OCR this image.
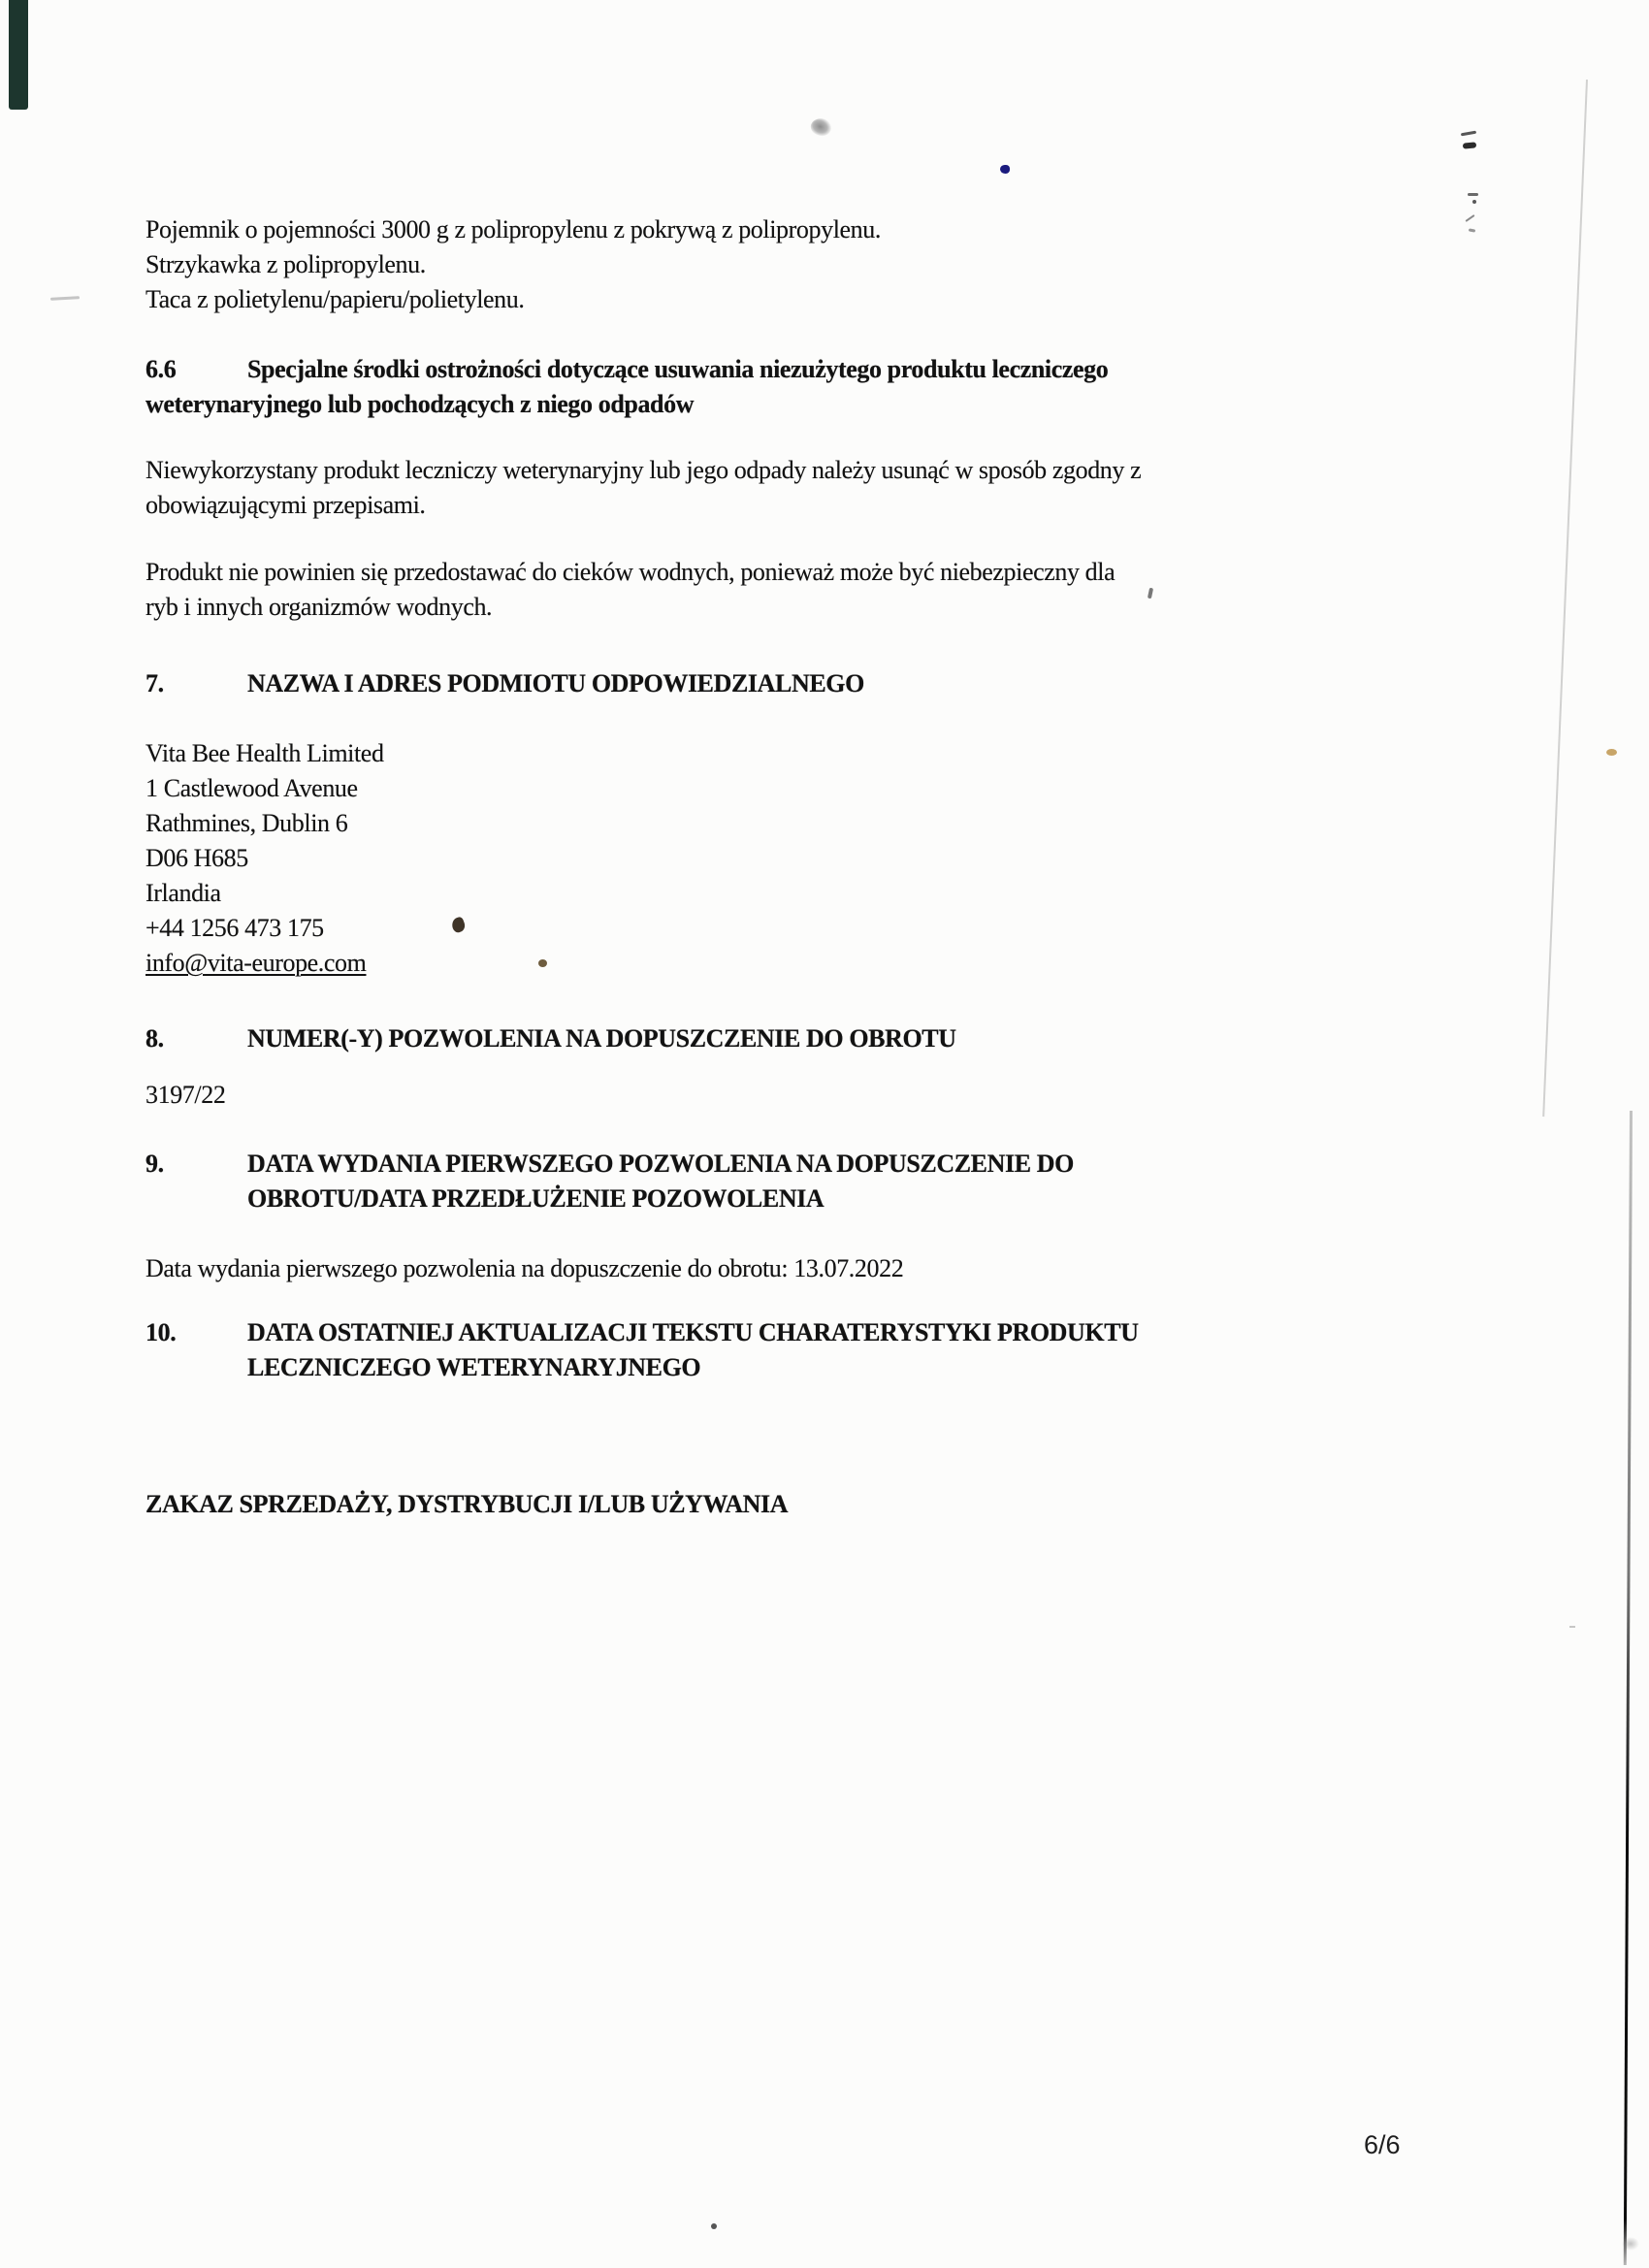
Pojemnik o pojemności 3000 g z polipropylenu z pokrywą z polipropylenu.
Strzykawka z polipropylenu.
Taca z polietylenu/papieru/polietylenu.
6.6	Specjalne środki ostrożności dotyczące usuwania niezużytego produktu leczniczego
weterynaryjnego lub pochodzących z niego odpadów
Niewykorzystany produkt leczniczy weterynaryjny lub jego odpady należy usunąć w sposób zgodny z
obowiązującymi przepisami.
Produkt nie powinien się przedostawać do cieków wodnych, ponieważ może być niebezpieczny dla
ryb i innych organizmów wodnych.
7.	NAZWA I ADRES PODMIOTU ODPOWIEDZIALNEGO
Vita Bee Health Limited
1 Castlewood Avenue
Rathmines, Dublin 6
D06 H685
Irlandia
+44 1256 473 175
info@vita-europe.com
8.	NUMER(-Y) POZWOLENIA NA DOPUSZCZENIE DO OBROTU
3197/22
9.	DATA WYDANIA PIERWSZEGO POZWOLENIA NA DOPUSZCZENIE DO
OBROTU/DATA PRZEDŁUŻENIE POZOWOLENIA
Data wydania pierwszego pozwolenia na dopuszczenie do obrotu: 13.07.2022
10.	DATA OSTATNIEJ AKTUALIZACJI TEKSTU CHARATERYSTYKI PRODUKTU
LECZNICZEGO WETERYNARYJNEGO
ZAKAZ SPRZEDAŻY, DYSTRYBUCJI I/LUB UŻYWANIA
6/6
